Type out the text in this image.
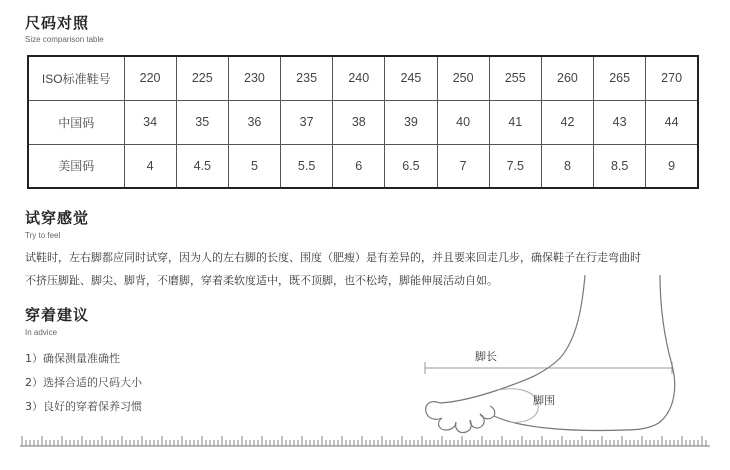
尺码对照
Size comparison table
ISO标准鞋号	220	225	230	235	240	245	250	255	260	265	270
中国码	34	35	36	37	38	39	40	41	42	43	44
美国码	4	4.5	5	5.5	6	6.5	7	7.5	8	8.5	9
试穿感觉
Try to feel
试鞋时，左右脚都应同时试穿，因为人的左右脚的长度、围度（肥瘦）是有差异的，并且要来回走几步，确保鞋子在行走弯曲时
不挤压脚趾、脚尖、脚背，不磨脚，穿着柔软度适中，既不顶脚，也不松垮，脚能伸展活动自如。
穿着建议
In advice
1）确保测量准确性
2）选择合适的尺码大小
3）良好的穿着保养习惯
脚长
脚围
